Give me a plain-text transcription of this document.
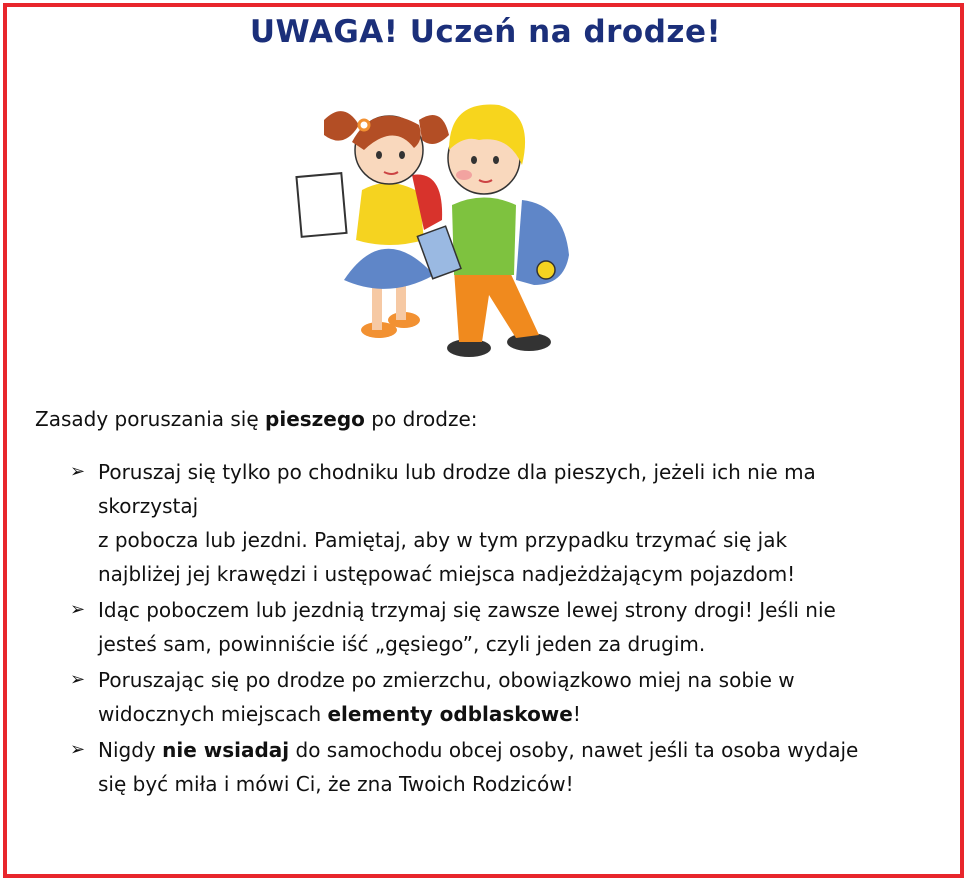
UWAGA! Uczeń na drodze!
Zasady poruszania się pieszego po drodze:
➢ Poruszaj się tylko po chodniku lub drodze dla pieszych, jeżeli ich nie ma
skorzystaj
z pobocza lub jezdni. Pamiętaj, aby w tym przypadku trzymać się jak
najbliżej jej krawędzi i ustępować miejsca nadjeżdżającym pojazdom!
➢ Idąc poboczem lub jezdnią trzymaj się zawsze lewej strony drogi! Jeśli nie
jesteś sam, powinniście iść „gęsiego”, czyli jeden za drugim.
➢ Poruszając się po drodze po zmierzchu, obowiązkowo miej na sobie w
widocznych miejscach elementy odblaskowe!
➢ Nigdy nie wsiadaj do samochodu obcej osoby, nawet jeśli ta osoba wydaje
się być miła i mówi Ci, że zna Twoich Rodziców!
